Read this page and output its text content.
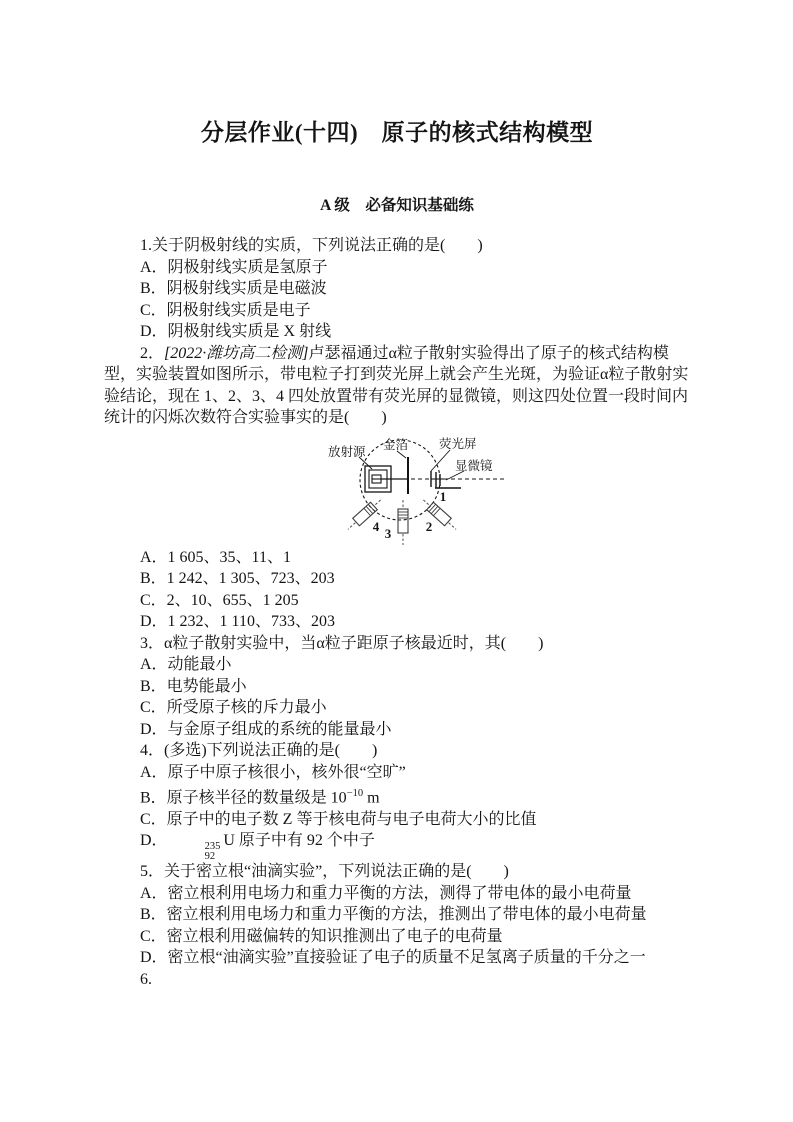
分层作业(十四)　原子的核式结构模型
A 级　必备知识基础练

1.关于阴极射线的实质，下列说法正确的是(　　)

A．阴极射线实质是氢原子

B．阴极射线实质是电磁波

C．阴极射线实质是电子

D．阴极射线实质是 X 射线

2．[2022·潍坊高二检测]卢瑟福通过α粒子散射实验得出了原子的核式结构模型，实验装置如图所示，带电粒子打到荧光屏上就会产生光斑，为验证α粒子散射实验结论，现在 1、2、3、4 四处放置带有荧光屏的显微镜，则这四处位置一段时间内统计的闪烁次数符合实验事实的是(　　)

放射源 金箔 荧光屏
显微镜
1
2
3
4

A．1 605、35、11、1

B．1 242、1 305、723、203

C．2、10、655、1 205

D．1 232、1 110、733、203

3．α粒子散射实验中，当α粒子距原子核最近时，其(　　)

A．动能最小

B．电势能最小

C．所受原子核的斥力最小

D．与金原子组成的系统的能量最小

4．(多选)下列说法正确的是(　　)

A．原子中原子核很小，核外很“空旷”

B．原子核半径的数量级是 $10^{-10}$ m

C．原子中的电子数 Z 等于核电荷与电子电荷大小的比值

D．	235
92
U 原子中有 92 个中子

5．关于密立根“油滴实验”，下列说法正确的是(　　)

A．密立根利用电场力和重力平衡的方法，测得了带电体的最小电荷量

B．密立根利用电场力和重力平衡的方法，推测出了带电体的最小电荷量

C．密立根利用磁偏转的知识推测出了电子的电荷量

D．密立根“油滴实验”直接验证了电子的质量不足氢离子质量的千分之一

6.
